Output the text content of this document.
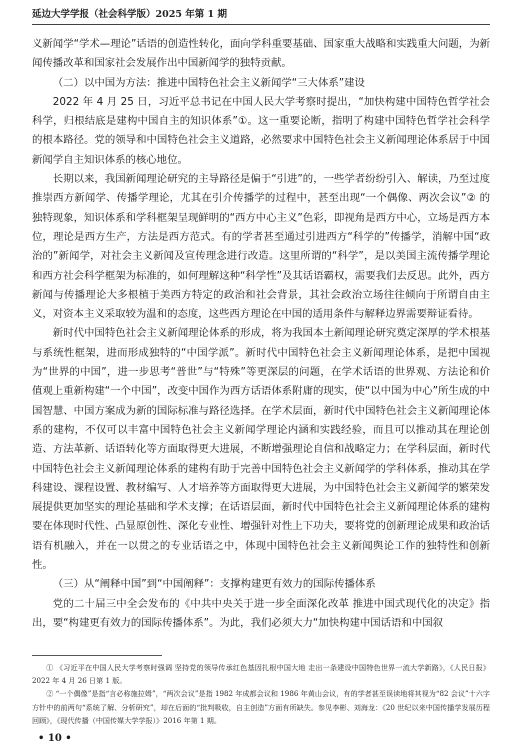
延边大学学报（社会科学版）2025 年第 1 期

义新闻学“学术—理论”话语的创造性转化，面向学科重要基础、国家重大战略和实践重大问题，为新闻传播改革和国家社会发展作出中国新闻学的独特贡献。

（二）以中国为方法：推进中国特色社会主义新闻学“三大体系”建设

2022 年 4 月 25 日，习近平总书记在中国人民大学考察时提出，“加快构建中国特色哲学社会科学，归根结底是建构中国自主的知识体系”①。这一重要论断，指明了构建中国特色哲学社会科学的根本路径。党的领导和中国特色社会主义道路，必然要求中国特色社会主义新闻理论体系居于中国新闻学自主知识体系的核心地位。

长期以来，我国新闻理论研究的主导路径是偏于“引进”的，一些学者纷纷引入、解读，乃至过度推崇西方新闻学、传播学理论，尤其在引介传播学的过程中，甚至出现“一个偶像、两次会议”② 的独特现象，知识体系和学科框架呈现鲜明的“西方中心主义”色彩，即视角是西方中心，立场是西方本位，理论是西方生产，方法是西方范式。有的学者甚至通过引进西方“科学的”传播学，消解中国“政治的”新闻学，对社会主义新闻及宣传理念进行改造。这里所谓的“科学”，是以美国主流传播学理论和西方社会科学框架为标准的，如何理解这种“科学性”及其话语霸权，需要我们去反思。此外，西方新闻与传播理论大多根植于美西方特定的政治和社会背景，其社会政治立场往往倾向于所谓自由主义，对资本主义采取较为温和的态度，这些西方理论在中国的适用条件与解释边界需要辩证看待。

新时代中国特色社会主义新闻理论体系的形成，将为我国本土新闻理论研究奠定深厚的学术根基与系统性框架，进而形成独特的“中国学派”。新时代中国特色社会主义新闻理论体系，是把中国视为“世界的中国”，进一步思考“普世”与“特殊”等更深层的问题，在学术话语的世界观、方法论和价值观上重新构建“一个中国”，改变中国作为西方话语体系附庸的现实，使“以中国为中心”所生成的中国智慧、中国方案成为新的国际标准与路径选择。在学术层面，新时代中国特色社会主义新闻理论体系的建构，不仅可以丰富中国特色社会主义新闻学理论内涵和实践经验，而且可以推动其在理论创造、方法革新、话语转化等方面取得更大进展，不断增强理论自信和战略定力；在学科层面，新时代中国特色社会主义新闻理论体系的建构有助于完善中国特色社会主义新闻学的学科体系，推动其在学科建设、课程设置、教材编写、人才培养等方面取得更大进展，为中国特色社会主义新闻学的繁荣发展提供更加坚实的理论基础和学术支撑；在话语层面，新时代中国特色社会主义新闻理论体系的建构要在体现时代性、凸显原创性、深化专业性、增强针对性上下功夫，要将党的创新理论成果和政治话语有机融入，并在一以贯之的专业话语之中，体现中国特色社会主义新闻舆论工作的独特性和创新性。

（三）从“阐释中国”到“中国阐释”：支撑构建更有效力的国际传播体系

党的二十届三中全会发布的《中共中央关于进一步全面深化改革 推进中国式现代化的决定》指出，要“构建更有效力的国际传播体系”。为此，我们必须大力“加快构建中国话语和中国叙

① 《习近平在中国人民大学考察时强调 坚持党的领导传承红色基因扎根中国大地 走出一条建设中国特色世界一流大学新路》，《人民日报》2022 年 4 月 26 日第 1 版。

② “一个偶像”是指“言必称施拉姆”，“两次会议”是指 1982 年成都会议和 1986 年黄山会议，有的学者甚至误读地将其视为“82 会议”十六字方针中的前两句“系统了解、分析研究”，却在后面的“批判吸收，自主创造”方面有所缺失。参见李彬、刘海龙：《20 世纪以来中国传播学发展历程回顾》，《现代传播（中国传媒大学学报）》2016 年第 1 期。

• 10 •
